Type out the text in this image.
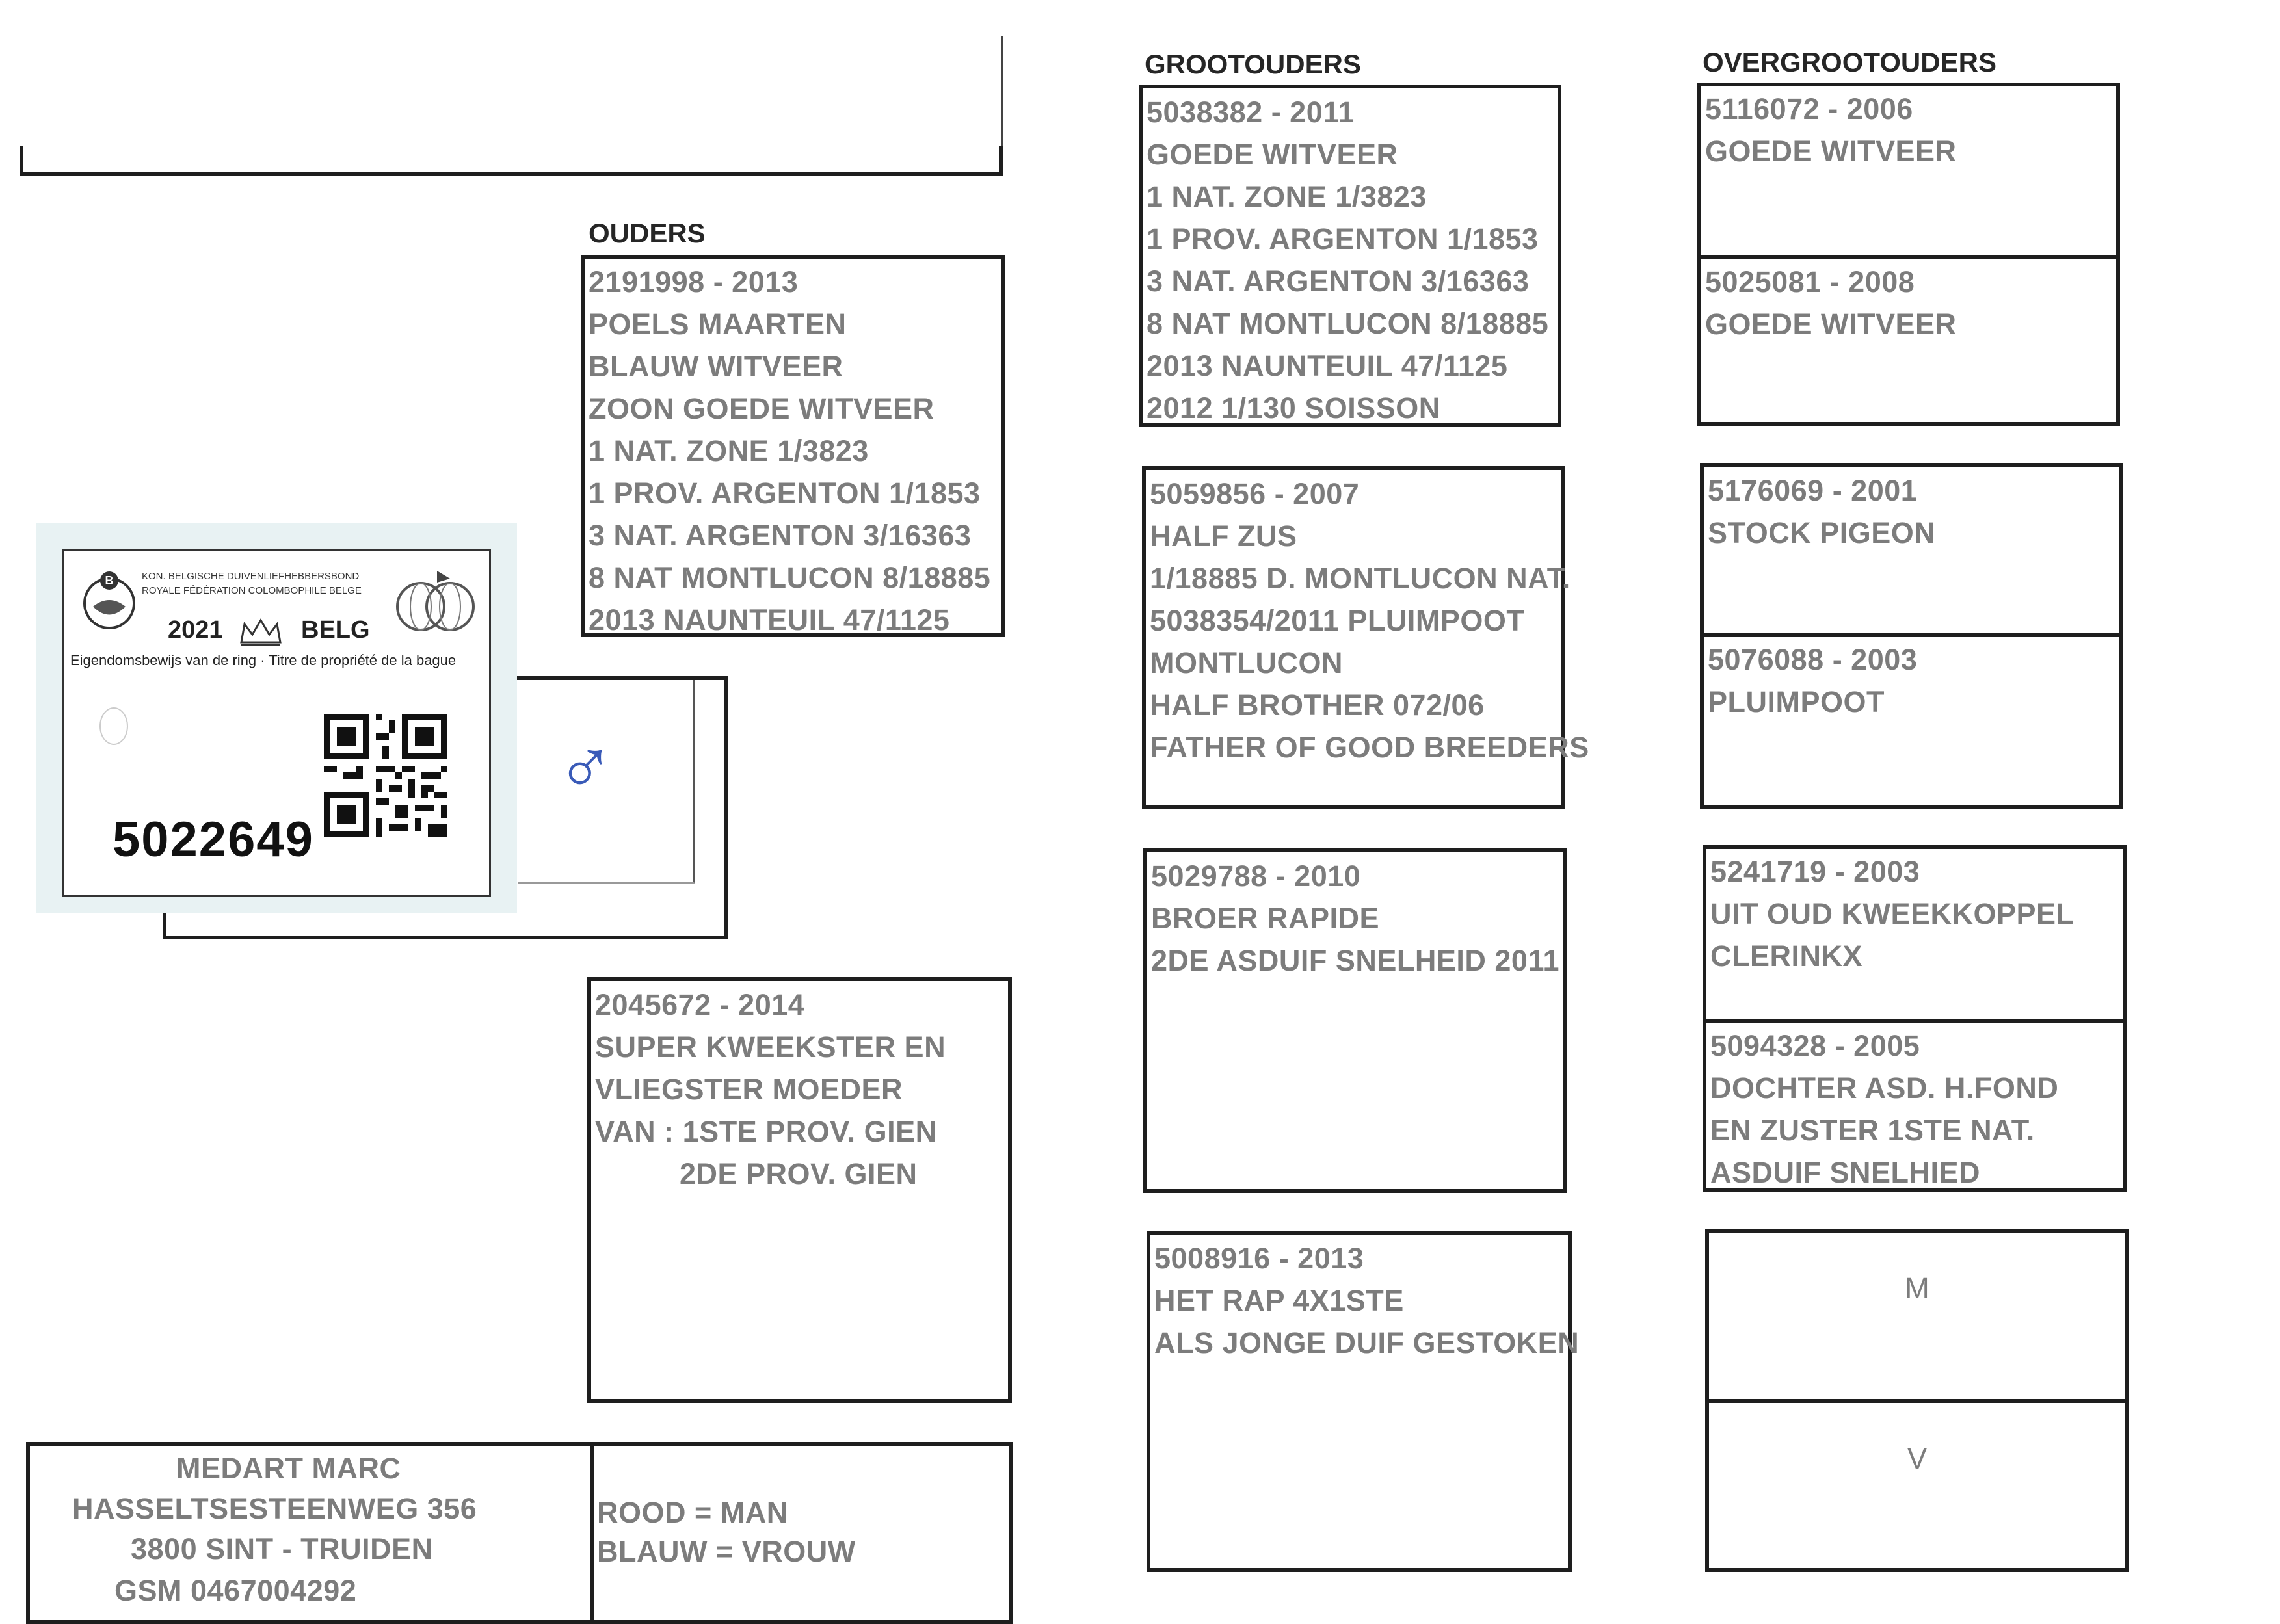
OUDERS
GROOTOUDERS	OVERGROOTOUDERS
B	KON. BELGISCHE DUIVENLIEFHEBBERSBOND
ROYALE FÉDÉRATION COLOMBOPHILE BELGE
2021	BELG
Eigendomsbewijs van de ring · Titre de propriété de la bague
5022649
♂
2191998 - 2013
POELS MAARTEN
BLAUW WITVEER
ZOON GOEDE WITVEER
1 NAT. ZONE 1/3823
1 PROV. ARGENTON 1/1853
3 NAT. ARGENTON 3/16363
8 NAT MONTLUCON 8/18885
2013 NAUNTEUIL 47/1125
2045672 - 2014
SUPER KWEEKSTER EN
VLIEGSTER MOEDER
VAN : 1STE PROV. GIEN
2DE PROV. GIEN
5038382 - 2011
GOEDE WITVEER
1 NAT. ZONE 1/3823
1 PROV. ARGENTON 1/1853
3 NAT. ARGENTON 3/16363
8 NAT MONTLUCON 8/18885
2013 NAUNTEUIL 47/1125
2012 1/130 SOISSON
5059856 - 2007
HALF ZUS
1/18885 D. MONTLUCON NAT.
5038354/2011 PLUIMPOOT
MONTLUCON
HALF BROTHER 072/06
FATHER OF GOOD BREEDERS
5029788 - 2010
BROER RAPIDE
2DE ASDUIF SNELHEID 2011
5008916 - 2013
HET RAP 4X1STE
ALS JONGE DUIF GESTOKEN
5116072 - 2006
GOEDE WITVEER
5025081 - 2008
GOEDE WITVEER
5176069 - 2001
STOCK PIGEON
5076088 - 2003
PLUIMPOOT
5241719 - 2003
UIT OUD KWEEKKOPPEL
CLERINKX
5094328 - 2005
DOCHTER ASD. H.FOND
EN ZUSTER 1STE NAT.
ASDUIF SNELHIED
M
V
MEDART MARC
HASSELTSESTEENWEG 356
3800 SINT - TRUIDEN
GSM 0467004292
ROOD = MAN
BLAUW = VROUW
